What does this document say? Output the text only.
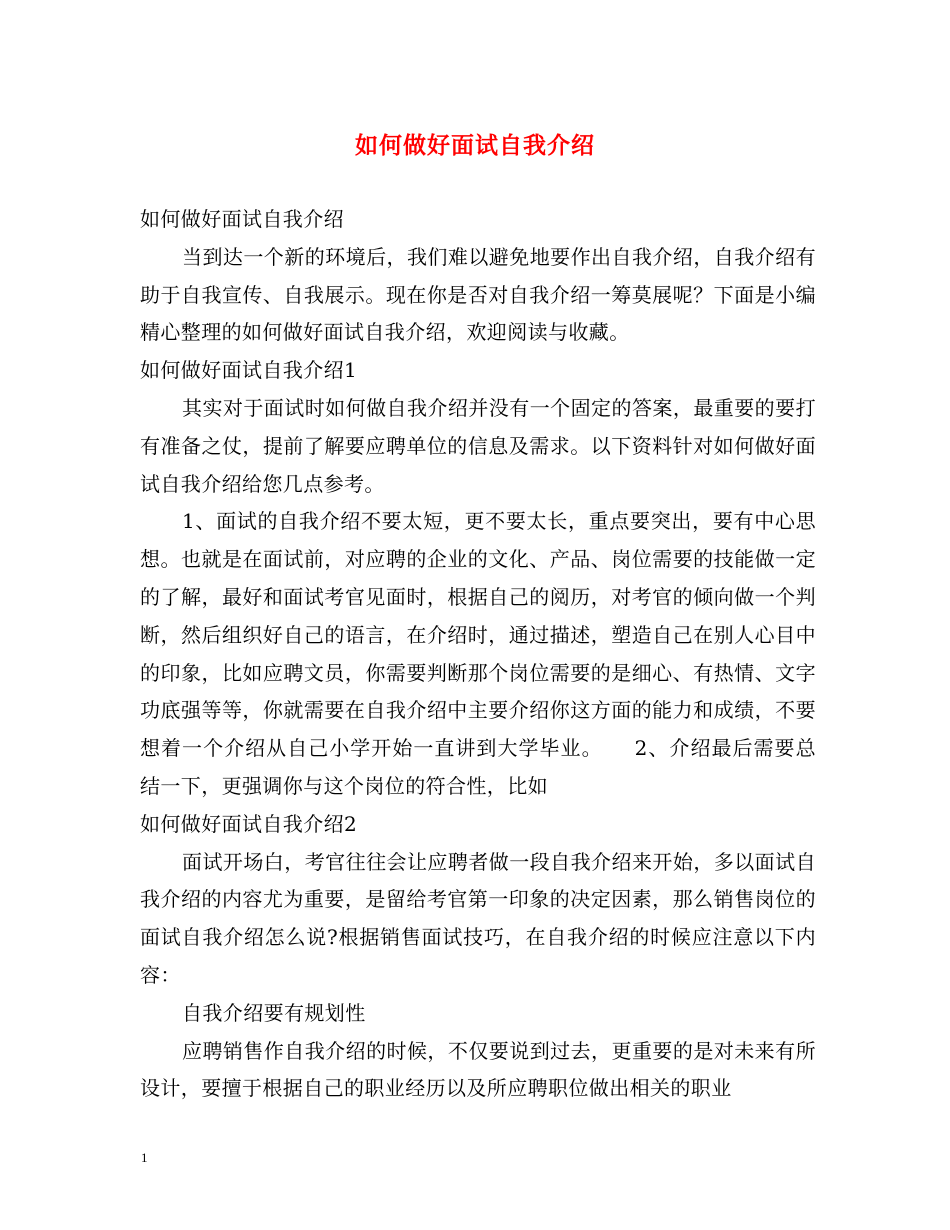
如何做好面试自我介绍

如何做好面试自我介绍

当到达一个新的环境后，我们难以避免地要作出自我介绍，自我介绍有助于自我宣传、自我展示。现在你是否对自我介绍一筹莫展呢？下面是小编精心整理的如何做好面试自我介绍，欢迎阅读与收藏。

如何做好面试自我介绍1

其实对于面试时如何做自我介绍并没有一个固定的答案，最重要的要打有准备之仗，提前了解要应聘单位的信息及需求。以下资料针对如何做好面试自我介绍给您几点参考。

1、面试的自我介绍不要太短，更不要太长，重点要突出，要有中心思想。也就是在面试前，对应聘的企业的文化、产品、岗位需要的技能做一定的了解，最好和面试考官见面时，根据自己的阅历，对考官的倾向做一个判断，然后组织好自己的语言，在介绍时，通过描述，塑造自己在别人心目中的印象，比如应聘文员，你需要判断那个岗位需要的是细心、有热情、文字功底强等等，你就需要在自我介绍中主要介绍你这方面的能力和成绩，不要想着一个介绍从自己小学开始一直讲到大学毕业。　　2、介绍最后需要总结一下，更强调你与这个岗位的符合性，比如

如何做好面试自我介绍2

面试开场白，考官往往会让应聘者做一段自我介绍来开始，多以面试自我介绍的内容尤为重要，是留给考官第一印象的决定因素，那么销售岗位的面试自我介绍怎么说?根据销售面试技巧，在自我介绍的时候应注意以下内容：

自我介绍要有规划性

应聘销售作自我介绍的时候，不仅要说到过去，更重要的是对未来有所设计，要擅于根据自己的职业经历以及所应聘职位做出相关的职业

1
